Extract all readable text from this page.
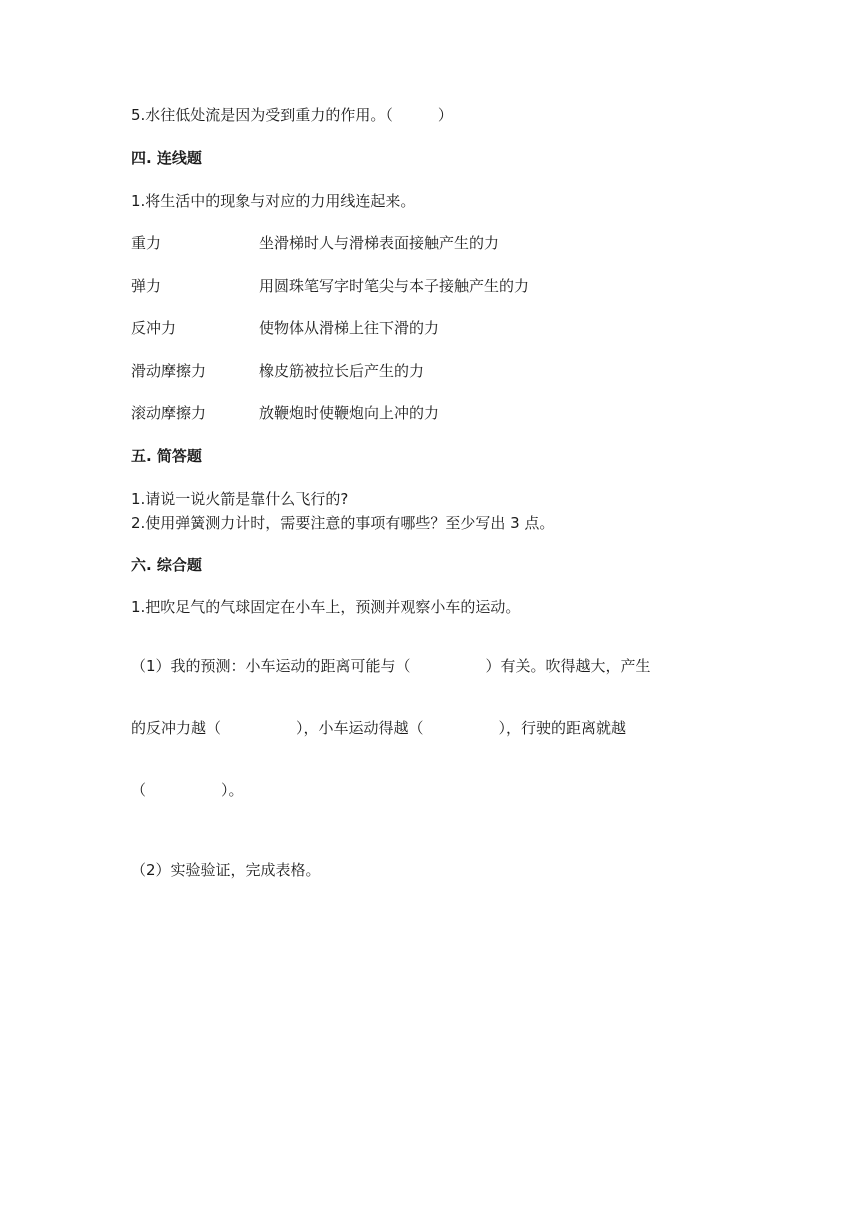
5.水往低处流是因为受到重力的作用。（　　　）
四. 连线题
1.将生活中的现象与对应的力用线连起来。
重力	坐滑梯时人与滑梯表面接触产生的力
弹力	用圆珠笔写字时笔尖与本子接触产生的力
反冲力	使物体从滑梯上往下滑的力
滑动摩擦力	橡皮筋被拉长后产生的力
滚动摩擦力	放鞭炮时使鞭炮向上冲的力
五. 简答题
1.请说一说火箭是靠什么飞行的?
2.使用弹簧测力计时，需要注意的事项有哪些？至少写出 3 点。
六. 综合题
1.把吹足气的气球固定在小车上，预测并观察小车的运动。
（1）我的预测：小车运动的距离可能与（　　　　　）有关。吹得越大，产生
的反冲力越（　　　　　），小车运动得越（　　　　　），行驶的距离就越
（　　　　　）。
（2）实验验证，完成表格。
